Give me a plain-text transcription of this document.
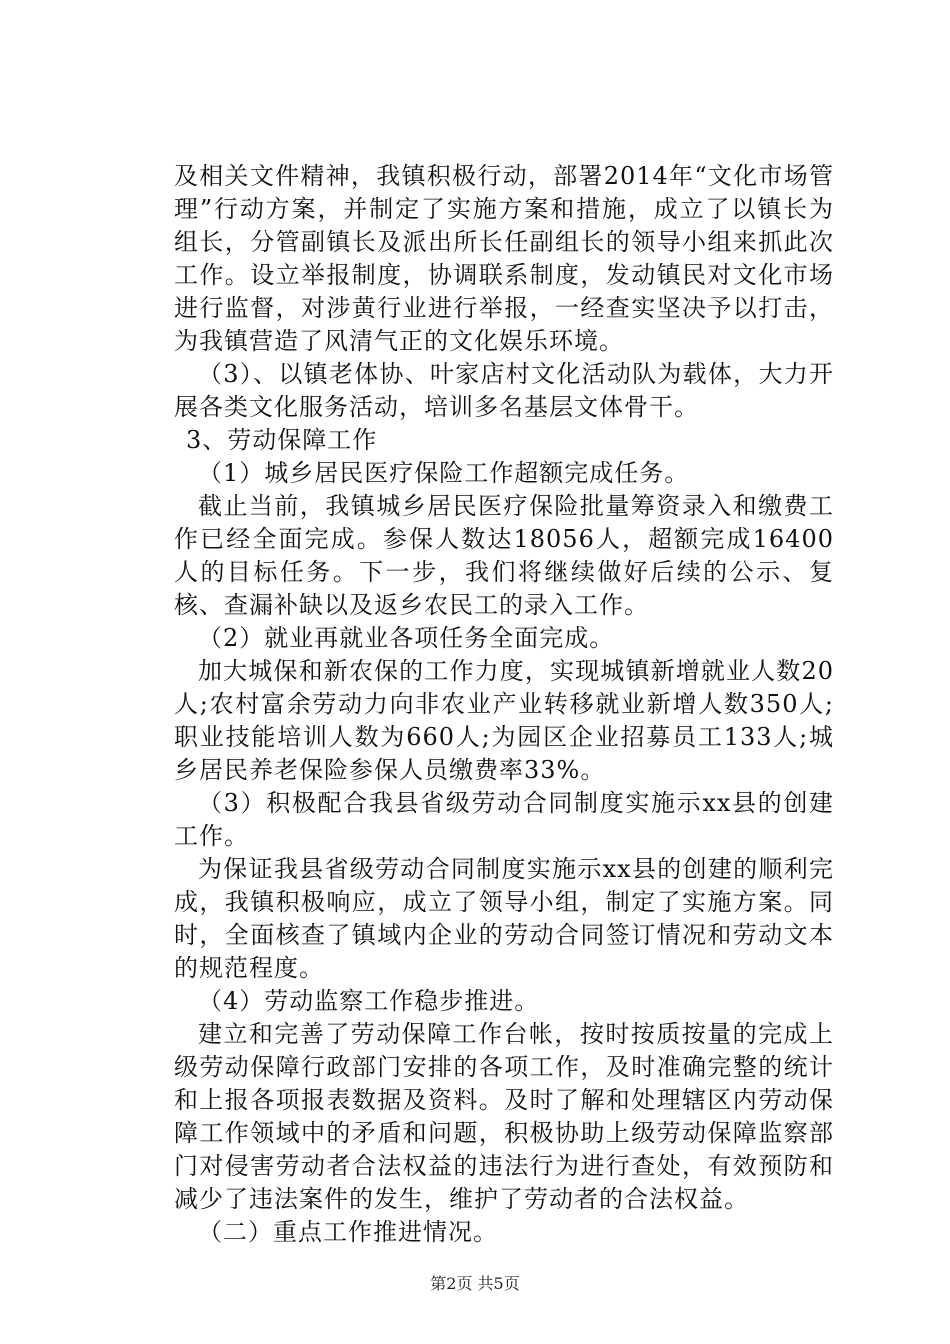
及相关文件精神，我镇积极行动，部署2014年“文化市场管理”行动方案，并制定了实施方案和措施，成立了以镇长为组长，分管副镇长及派出所长任副组长的领导小组来抓此次工作。设立举报制度，协调联系制度，发动镇民对文化市场进行监督，对涉黄行业进行举报，一经查实坚决予以打击，为我镇营造了风清气正的文化娱乐环境。

（3）、以镇老体协、叶家店村文化活动队为载体，大力开展各类文化服务活动，培训多名基层文体骨干。

3、劳动保障工作

（1）城乡居民医疗保险工作超额完成任务。

截止当前，我镇城乡居民医疗保险批量筹资录入和缴费工作已经全面完成。参保人数达18056人，超额完成16400人的目标任务。下一步，我们将继续做好后续的公示、复核、查漏补缺以及返乡农民工的录入工作。

（2）就业再就业各项任务全面完成。

加大城保和新农保的工作力度，实现城镇新增就业人数20人;农村富余劳动力向非农业产业转移就业新增人数350人;职业技能培训人数为660人;为园区企业招募员工133人;城乡居民养老保险参保人员缴费率33%。

（3）积极配合我县省级劳动合同制度实施示xx县的创建工作。

为保证我县省级劳动合同制度实施示xx县的创建的顺利完成，我镇积极响应，成立了领导小组，制定了实施方案。同时，全面核查了镇域内企业的劳动合同签订情况和劳动文本的规范程度。

（4）劳动监察工作稳步推进。

建立和完善了劳动保障工作台帐，按时按质按量的完成上级劳动保障行政部门安排的各项工作，及时准确完整的统计和上报各项报表数据及资料。及时了解和处理辖区内劳动保障工作领域中的矛盾和问题，积极协助上级劳动保障监察部门对侵害劳动者合法权益的违法行为进行查处，有效预防和减少了违法案件的发生，维护了劳动者的合法权益。

（二）重点工作推进情况。

第2页 共5页
